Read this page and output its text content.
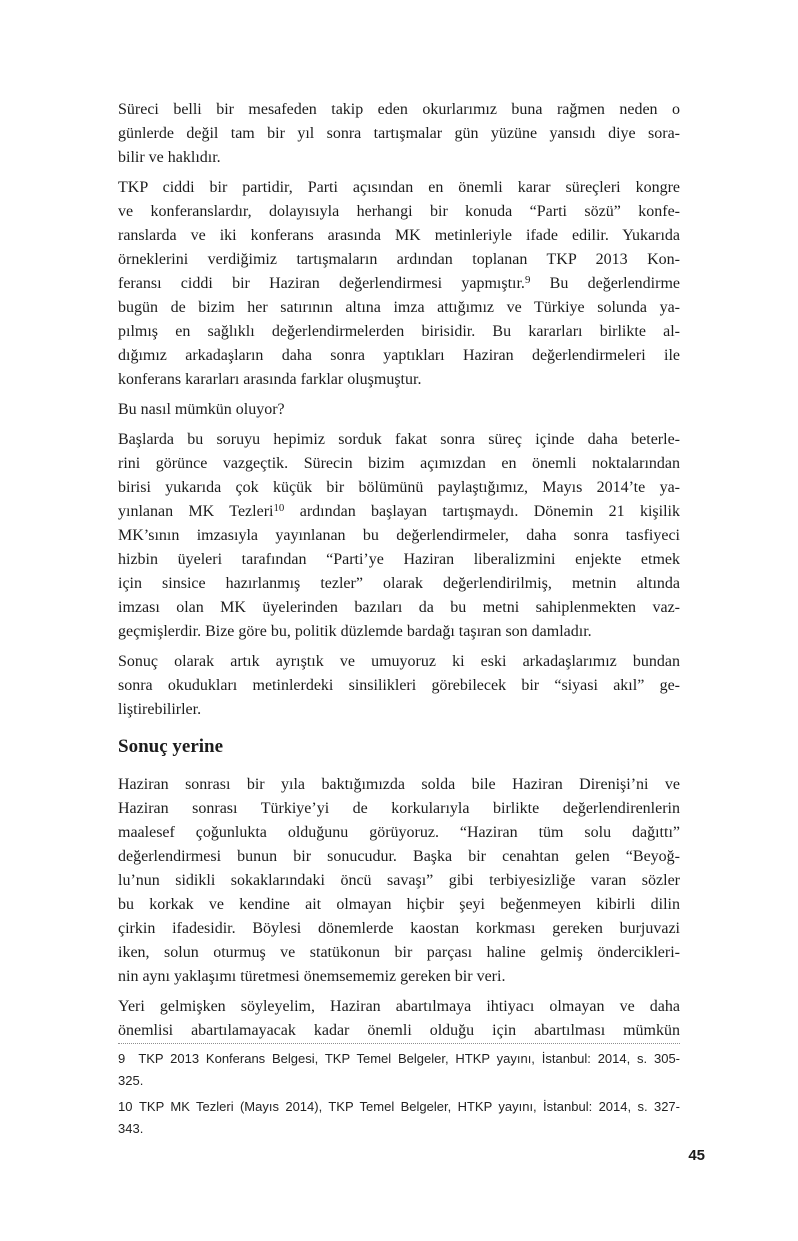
Süreci belli bir mesafeden takip eden okurlarımız buna rağmen neden o
günlerde değil tam bir yıl sonra tartışmalar gün yüzüne yansıdı diye sora-
bilir ve haklıdır.
TKP ciddi bir partidir, Parti açısından en önemli karar süreçleri kongre
ve konferanslardır, dolayısıyla herhangi bir konuda “Parti sözü” konfe-
ranslarda ve iki konferans arasında MK metinleriyle ifade edilir. Yukarıda
örneklerini verdiğimiz tartışmaların ardından toplanan TKP 2013 Kon-
feransı ciddi bir Haziran değerlendirmesi yapmıştır.$^9$ Bu değerlendirme
bugün de bizim her satırının altına imza attığımız ve Türkiye solunda ya-
pılmış en sağlıklı değerlendirmelerden birisidir. Bu kararları birlikte al-
dığımız arkadaşların daha sonra yaptıkları Haziran değerlendirmeleri ile
konferans kararları arasında farklar oluşmuştur.
Bu nasıl mümkün oluyor?
Başlarda bu soruyu hepimiz sorduk fakat sonra süreç içinde daha beterle-
rini görünce vazgeçtik. Sürecin bizim açımızdan en önemli noktalarından
birisi yukarıda çok küçük bir bölümünü paylaştığımız, Mayıs 2014’te ya-
yınlanan MK Tezleri$^{10}$ ardından başlayan tartışmaydı. Dönemin 21 kişilik
MK’sının imzasıyla yayınlanan bu değerlendirmeler, daha sonra tasfiyeci
hizbin üyeleri tarafından “Parti’ye Haziran liberalizmini enjekte etmek
için sinsice hazırlanmış tezler” olarak değerlendirilmiş, metnin altında
imzası olan MK üyelerinden bazıları da bu metni sahiplenmekten vaz-
geçmişlerdir. Bize göre bu, politik düzlemde bardağı taşıran son damladır.
Sonuç olarak artık ayrıştık ve umuyoruz ki eski arkadaşlarımız bundan
sonra okudukları metinlerdeki sinsilikleri görebilecek bir “siyasi akıl” ge-
liştirebilirler.
Sonuç yerine
Haziran sonrası bir yıla baktığımızda solda bile Haziran Direnişi’ni ve
Haziran sonrası Türkiye’yi de korkularıyla birlikte değerlendirenlerin
maalesef çoğunlukta olduğunu görüyoruz. “Haziran tüm solu dağıttı”
değerlendirmesi bunun bir sonucudur. Başka bir cenahtan gelen “Beyoğ-
lu’nun sidikli sokaklarındaki öncü savaşı” gibi terbiyesizliğe varan sözler
bu korkak ve kendine ait olmayan hiçbir şeyi beğenmeyen kibirli dilin
çirkin ifadesidir. Böylesi dönemlerde kaostan korkması gereken burjuvazi
iken, solun oturmuş ve statükonun bir parçası haline gelmiş öndercikleri-
nin aynı yaklaşımı türetmesi önemsememiz gereken bir veri.
Yeri gelmişken söyleyelim, Haziran abartılmaya ihtiyacı olmayan ve daha
önemlisi abartılamayacak kadar önemli olduğu için abartılması mümkün
9  TKP 2013 Konferans Belgesi, TKP Temel Belgeler, HTKP yayını, İstanbul: 2014, s. 305-
325.
10 TKP MK Tezleri (Mayıs 2014), TKP Temel Belgeler, HTKP yayını, İstanbul: 2014, s. 327-
343.
45
